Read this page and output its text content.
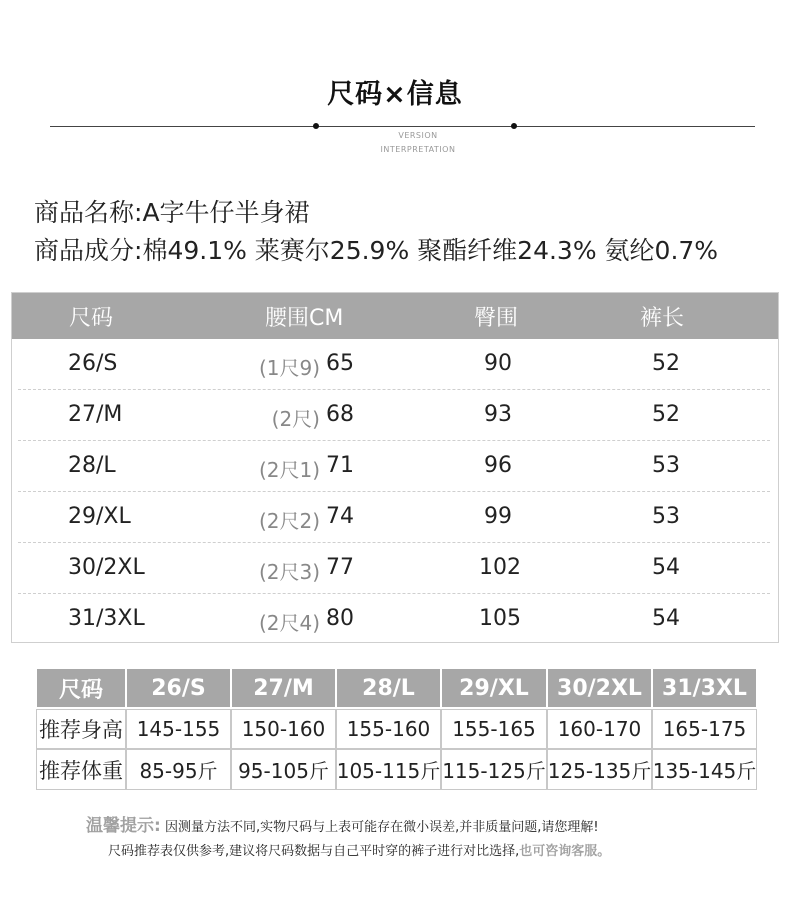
尺码×信息
VERSION
INTERPRETATION
商品名称:A字牛仔半身裙
商品成分:棉49.1% 莱赛尔25.9% 聚酯纤维24.3% 氨纶0.7%
尺码	腰围CM	臀围	裤长
26/S	(1尺9) 65	90	52
27/M	(2尺) 68	93	52
28/L	(2尺1) 71	96	53
29/XL	(2尺2) 74	99	53
30/2XL	(2尺3) 77	102	54
31/3XL	(2尺4) 80	105	54
尺码	26/S	27/M	28/L	29/XL	30/2XL 31/3XL
推荐身高 145-155	150-160	155-160	155-165	160-170	165-175
推荐体重 85-95斤	95-105斤 105-115斤 115-125斤 125-135斤 135-145斤
温馨提示: 因测量方法不同,实物尺码与上表可能存在微小误差,并非质量问题,请您理解!
尺码推荐表仅供参考,建议将尺码数据与自己平时穿的裤子进行对比选择,也可咨询客服。
